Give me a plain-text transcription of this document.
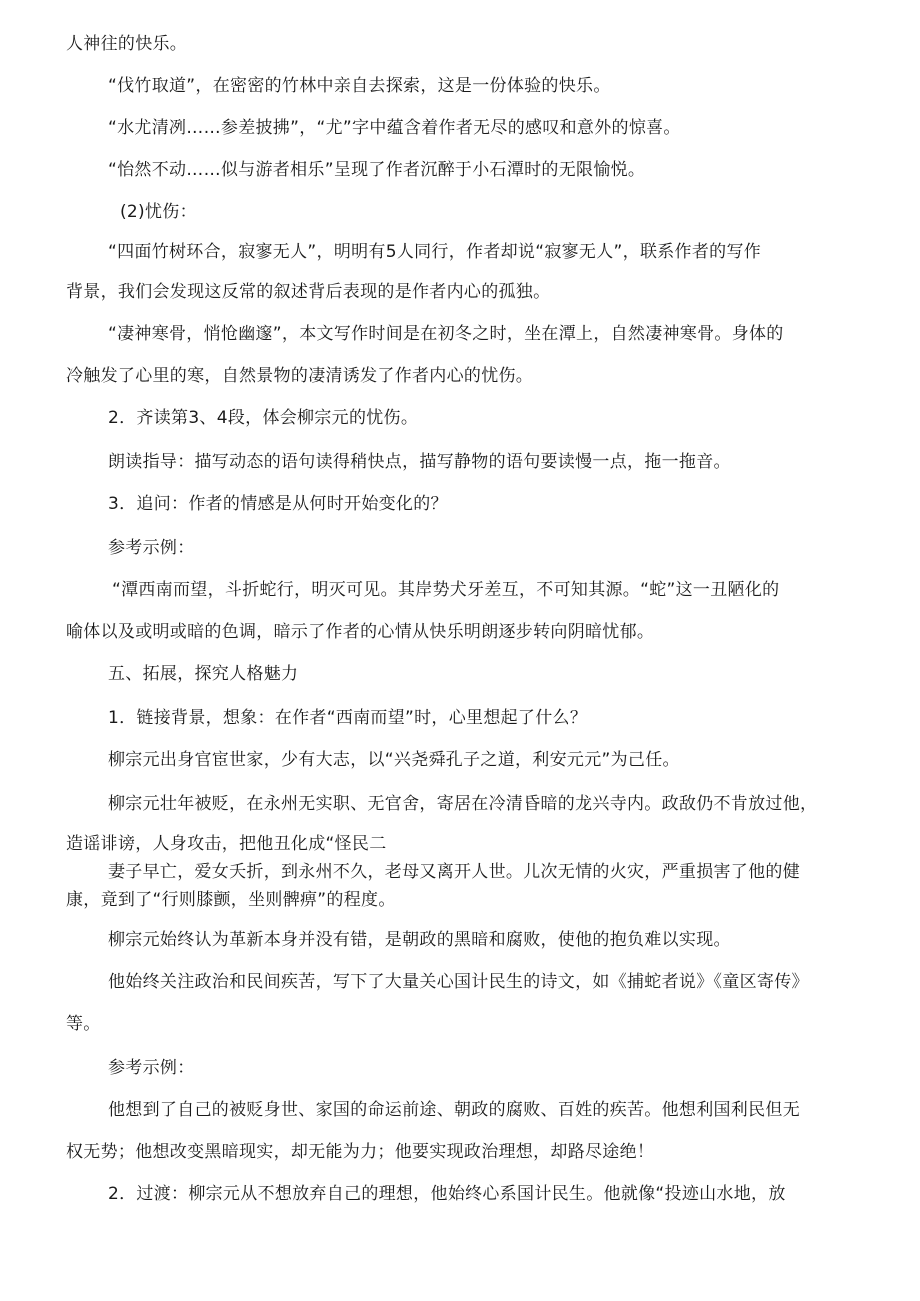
人神往的快乐。
“伐竹取道”，在密密的竹林中亲自去探索，这是一份体验的快乐。
“水尤清冽……参差披拂”，“尤”字中蕴含着作者无尽的感叹和意外的惊喜。
“怡然不动……似与游者相乐”呈现了作者沉醉于小石潭时的无限愉悦。
(2)忧伤：
“四面竹树环合，寂寥无人”，明明有5人同行，作者却说“寂寥无人”，联系作者的写作
背景，我们会发现这反常的叙述背后表现的是作者内心的孤独。
“凄神寒骨，悄怆幽邃”，本文写作时间是在初冬之时，坐在潭上，自然凄神寒骨。身体的
冷触发了心里的寒，自然景物的凄清诱发了作者内心的忧伤。
2．齐读第3、4段，体会柳宗元的忧伤。
朗读指导：描写动态的语句读得稍快点，描写静物的语句要读慢一点，拖一拖音。
3．追问：作者的情感是从何时开始变化的？
参考示例：
“潭西南而望，斗折蛇行，明灭可见。其岸势犬牙差互，不可知其源。“蛇”这一丑陋化的
喻体以及或明或暗的色调，暗示了作者的心情从快乐明朗逐步转向阴暗忧郁。
五、拓展，探究人格魅力
1．链接背景，想象：在作者“西南而望”时，心里想起了什么？
柳宗元出身官宦世家，少有大志，以“兴尧舜孔子之道，利安元元”为己任。
柳宗元壮年被贬，在永州无实职、无官舍，寄居在冷清昏暗的龙兴寺内。政敌仍不肯放过他，
造谣诽谤，人身攻击，把他丑化成“怪民二
妻子早亡，爱女夭折，到永州不久，老母又离开人世。儿次无情的火灾，严重损害了他的健
康，竟到了“行则膝颤，坐则髀痹”的程度。
柳宗元始终认为革新本身并没有错，是朝政的黑暗和腐败，使他的抱负难以实现。
他始终关注政治和民间疾苦，写下了大量关心国计民生的诗文，如《捕蛇者说》《童区寄传》
等。
参考示例：
他想到了自己的被贬身世、家国的命运前途、朝政的腐败、百姓的疾苦。他想利国利民但无
权无势；他想改变黑暗现实，却无能为力；他要实现政治理想，却路尽途绝！
2．过渡：柳宗元从不想放弃自己的理想，他始终心系国计民生。他就像“投迹山水地，放
